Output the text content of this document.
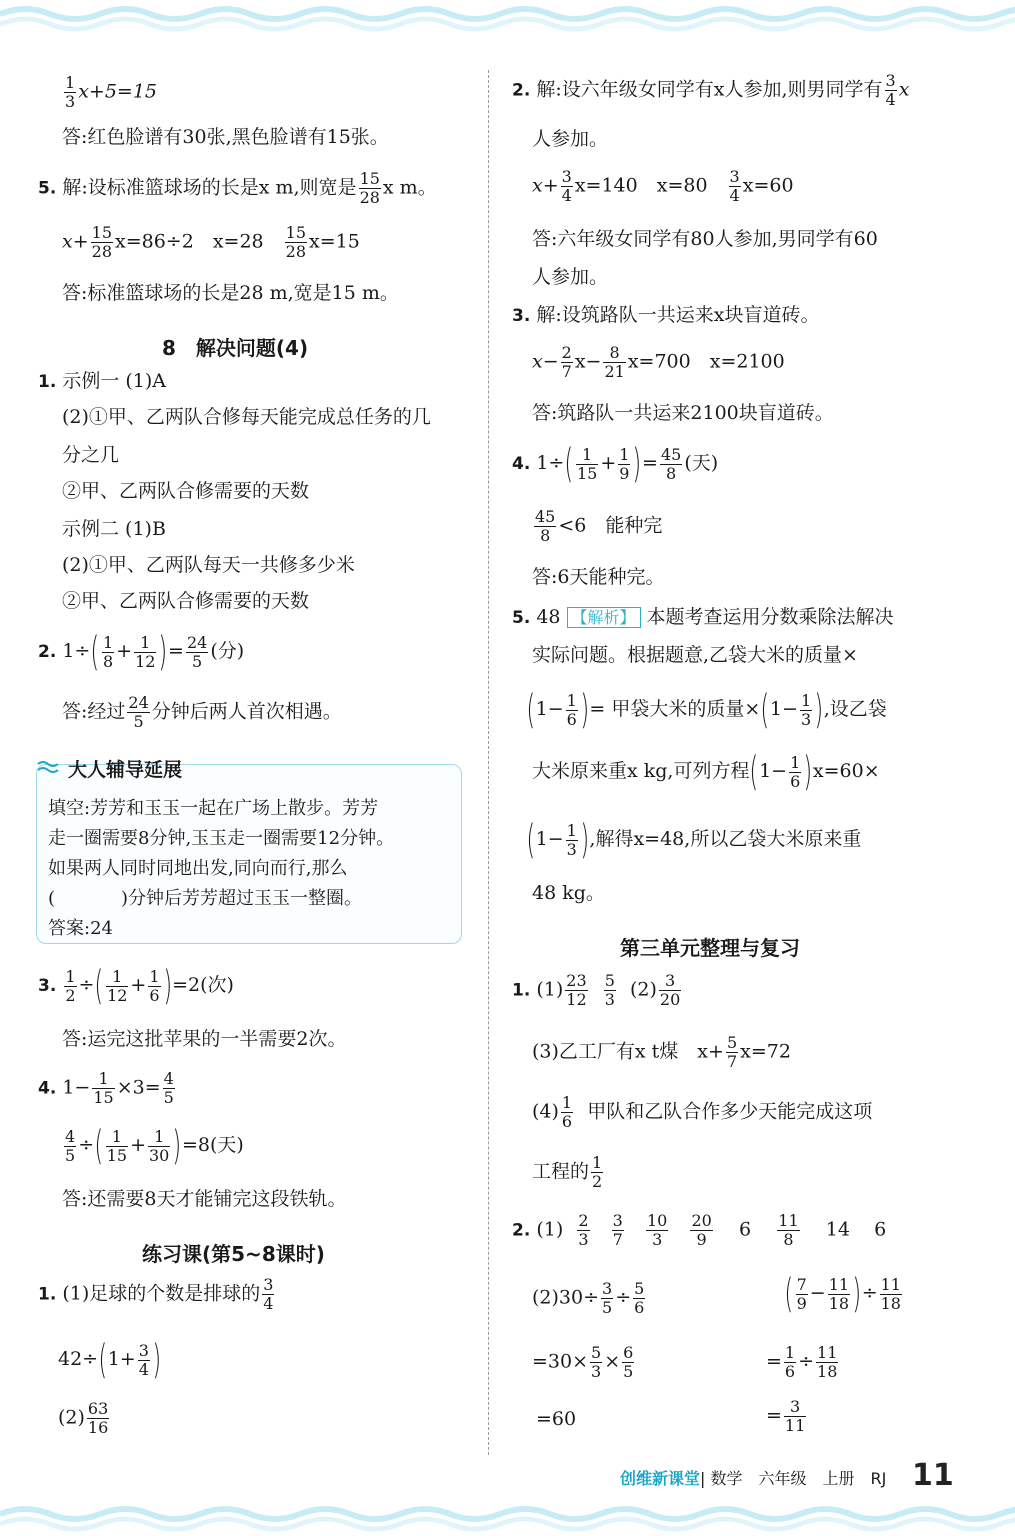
$\frac{1}{3} x+5=15$
答:红色脸谱有30张,黑色脸谱有15张。
5. 解:设标准篮球场的长是x m,则宽是 $\frac{15}{28}$ x m。
$x+ \frac{15}{28} x=86\div 2$　x=28　 $\frac{15}{28} x=15$
答:标准篮球场的长是28 m,宽是15 m。
8　解决问题(4)
1. 示例一 (1)A
(2)①甲、乙两队合修每天能完成总任务的几
分之几
②甲、乙两队合修需要的天数
示例二 (1)B
(2)①甲、乙两队每天一共修多少米
②甲、乙两队合修需要的天数
2. $1\div( \frac{1}{8} + \frac{1}{12}$ )= $\frac{24}{5}$ (分)
答:经过 $\frac{24}{5}$ 分钟后两人首次相遇。
大人辅导延展
填空:芳芳和玉玉一起在广场上散步。芳芳
走一圈需要8分钟,玉玉走一圈需要12分钟。
如果两人同时同地出发,同向而行,那么
(	)分钟后芳芳超过玉玉一整圈。
答案:24
3. $\frac{1}{2}$ ÷( $\frac{1}{12} + \frac{1}{6} )=2$(次)
答:运完这批苹果的一半需要2次。
4. $1- \frac{1}{15} \times 3= \frac{4}{5}$
$\frac{4}{5}$ ÷( $\frac{1}{15} + \frac{1}{30} )=8$(天)
答:还需要8天才能铺完这段铁轨。
练习课(第5~8课时)
1. (1)足球的个数是排球的 $\frac{3}{4}$
$42\div(1+ \frac{3}{4}$ )
$(2) \frac{63}{16}$
2. 解:设六年级女同学有x人参加,则男同学有 $\frac{3}{4}$ x
人参加。
$x+ \frac{3}{4} x=140$　x=80　 $\frac{3}{4} x=60$
答:六年级女同学有80人参加,男同学有60
人参加。
3. 解:设筑路队一共运来x块盲道砖。
$x- \frac{2}{7} x- \frac{8}{21} x=700$　x=2100
答:筑路队一共运来2100块盲道砖。
4. $1\div( \frac{1}{15} + \frac{1}{9}$ )= $\frac{45}{8}$ (天)
$\frac{45}{8} <6$　能种完
答:6天能种完。
5. 48 【解析】 本题考查运用分数乘除法解决
实际问题。根据题意,乙袋大米的质量×
($1- \frac{1}{6}$ )= 甲袋大米的质量$\times(1- \frac{1}{3}$ ),设乙袋
大米原来重x kg,可列方程$(1- \frac{1}{6} )x=60\times$
($1- \frac{1}{3}$ ),解得x=48,所以乙袋大米原来重
48 kg。
第三单元整理与复习
1. $(1) \frac{23}{12}$
$\frac{5}{3} (2) \frac{3}{20}$
(3)乙工厂有x t煤　$x+ \frac{5}{7} x=72$
$(4) \frac{1}{6}$ 甲队和乙队合作多少天能完成这项
工程的 $\frac{1}{2}$
2. $(1) \frac{2}{3}$
$\frac{3}{7}$
$\frac{10}{3}$
$\frac{20}{9} 6 \frac{11}{8} 14$ 6
$(2)30\div \frac{3}{5} \div \frac{5}{6}$
$=30\times \frac{5}{3} \times \frac{6}{5}$
=60
( $\frac{7}{9} - \frac{11}{18}$ )÷ $\frac{11}{18}$
= $\frac{1}{6} \div \frac{11}{18}$
= $\frac{3}{11}$
创维新课堂| 数学　六年级　上册　RJ 11
